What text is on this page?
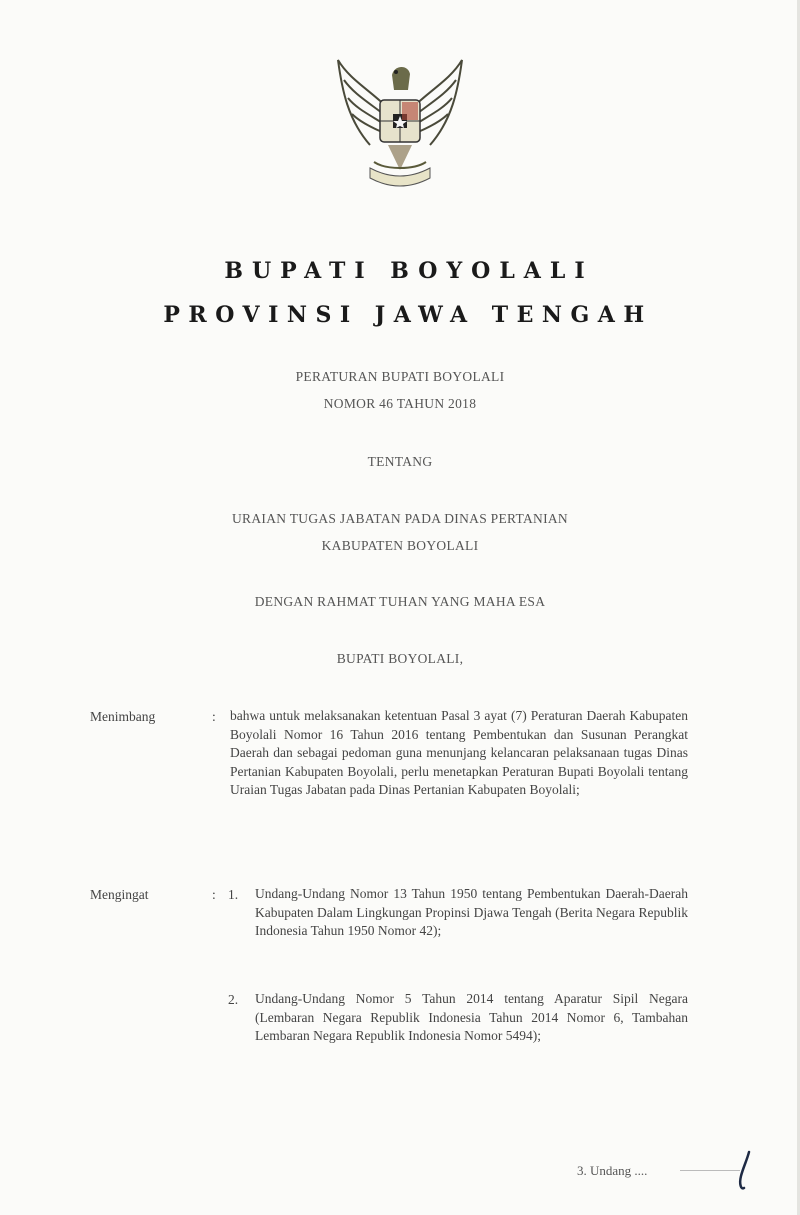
BUPATI BOYOLALI
PROVINSI JAWA TENGAH
PERATURAN BUPATI BOYOLALI
NOMOR 46 TAHUN 2018
TENTANG
URAIAN TUGAS JABATAN PADA DINAS PERTANIAN
KABUPATEN BOYOLALI
DENGAN RAHMAT TUHAN YANG MAHA ESA
BUPATI BOYOLALI,
Menimbang	: bahwa untuk melaksanakan ketentuan Pasal 3 ayat (7) Peraturan Daerah Kabupaten Boyolali Nomor 16 Tahun 2016 tentang Pembentukan dan Susunan Perangkat Daerah dan sebagai pedoman guna menunjang kelancaran pelaksanaan tugas Dinas Pertanian Kabupaten Boyolali, perlu menetapkan Peraturan Bupati Boyolali tentang Uraian Tugas Jabatan pada Dinas Pertanian Kabupaten Boyolali;
Mengingat	: 1. Undang-Undang Nomor 13 Tahun 1950 tentang Pembentukan Daerah-Daerah Kabupaten Dalam Lingkungan Propinsi Djawa Tengah (Berita Negara Republik Indonesia Tahun 1950 Nomor 42);
2. Undang-Undang Nomor 5 Tahun 2014 tentang Aparatur Sipil Negara (Lembaran Negara Republik Indonesia Tahun 2014 Nomor 6, Tambahan Lembaran Negara Republik Indonesia Nomor 5494);
3. Undang ....
